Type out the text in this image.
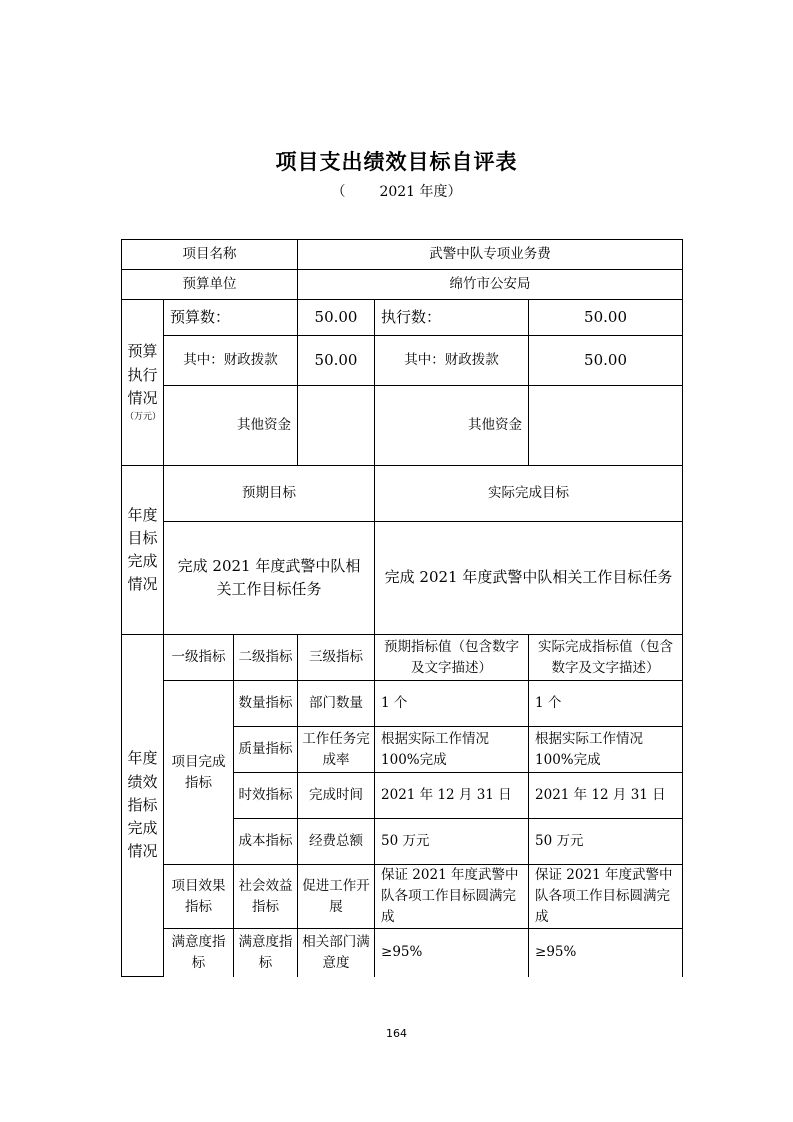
项目支出绩效目标自评表
（ 2021 年度）
项目名称			武警中队专项业务费		
预算单位			绵竹市公安局		
预算执行情况
（万元）	预算数：		50.00	执行数：	50.00
	其中：财政拨款		50.00	其中：财政拨款	50.00
	其他资金			其他资金	
年度目标完成情况	预期目标			实际完成目标	
	完成 2021 年度武警中队相关工作目标任务			完成 2021 年度武警中队相关工作目标任务	
年度绩效指标完成情况	一级指标	二级指标	三级指标	预期指标值（包含数字及文字描述）	实际完成指标值（包含数字及文字描述）
	项目完成指标	数量指标	部门数量	1 个	1 个
		质量指标	工作任务完成率	根据实际工作情况 100%完成	根据实际工作情况 100%完成
		时效指标	完成时间	2021 年 12 月 31 日	2021 年 12 月 31 日
		成本指标	经费总额	50 万元	50 万元
	项目效果指标	社会效益指标	促进工作开展	保证 2021 年度武警中队各项工作目标圆满完成	保证 2021 年度武警中队各项工作目标圆满完成
	满意度指标	满意度指标	相关部门满意度	≥95%	≥95%
164
